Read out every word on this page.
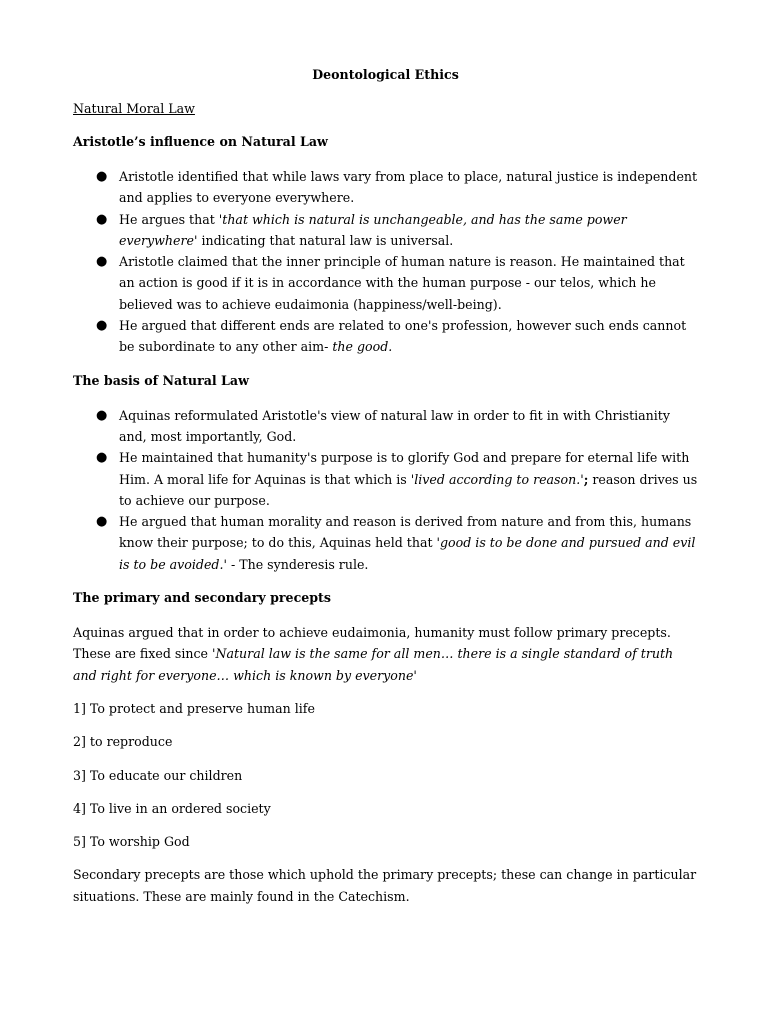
Deontological Ethics
Natural Moral Law
Aristotle’s influence on Natural Law
● Aristotle identified that while laws vary from place to place, natural justice is independent and applies to everyone everywhere.
● He argues that 'that which is natural is unchangeable, and has the same power everywhere' indicating that natural law is universal.
● Aristotle claimed that the inner principle of human nature is reason. He maintained that an action is good if it is in accordance with the human purpose - our telos, which he believed was to achieve eudaimonia (happiness/well-being).
● He argued that different ends are related to one's profession, however such ends cannot be subordinate to any other aim- the good.
The basis of Natural Law
● Aquinas reformulated Aristotle's view of natural law in order to fit in with Christianity and, most importantly, God.
● He maintained that humanity's purpose is to glorify God and prepare for eternal life with Him. A moral life for Aquinas is that which is 'lived according to reason.'; reason drives us to achieve our purpose.
● He argued that human morality and reason is derived from nature and from this, humans know their purpose; to do this, Aquinas held that 'good is to be done and pursued and evil is to be avoided.' - The synderesis rule.
The primary and secondary precepts

Aquinas argued that in order to achieve eudaimonia, humanity must follow primary precepts. These are fixed since 'Natural law is the same for all men… there is a single standard of truth and right for everyone… which is known by everyone'

1] To protect and preserve human life
2] to reproduce
3] To educate our children
4] To live in an ordered society
5] To worship God

Secondary precepts are those which uphold the primary precepts; these can change in particular situations. These are mainly found in the Catechism.
